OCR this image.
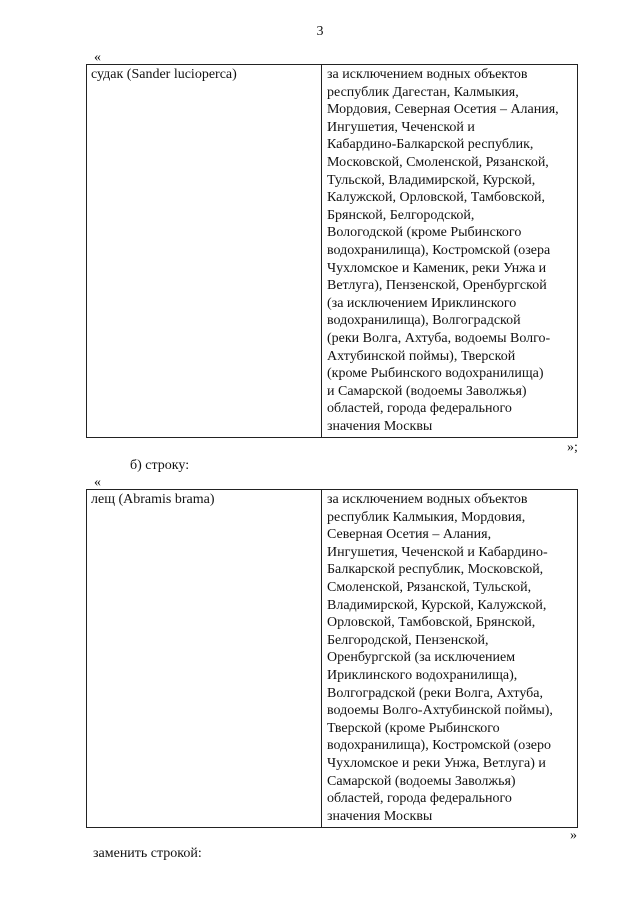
3
«
судак (Sander lucioperca)	за исключением водных объектов
республик Дагестан, Калмыкия,
Мордовия, Северная Осетия – Алания,
Ингушетия, Чеченской и
Кабардино-Балкарской республик,
Московской, Смоленской, Рязанской,
Тульской, Владимирской, Курской,
Калужской, Орловской, Тамбовской,
Брянской, Белгородской,
Вологодской (кроме Рыбинского
водохранилища), Костромской (озера
Чухломское и Каменик, реки Унжа и
Ветлуга), Пензенской, Оренбургской
(за исключением Ириклинского
водохранилища), Волгоградской
(реки Волга, Ахтуба, водоемы Волго-
Ахтубинской поймы), Тверской
(кроме Рыбинского водохранилища)
и Самарской (водоемы Заволжья)
областей, города федерального
значения Москвы
»;
б) строку:
«
лещ (Abramis brama)	за исключением водных объектов
республик Калмыкия, Мордовия,
Северная Осетия – Алания,
Ингушетия, Чеченской и Кабардино-
Балкарской республик, Московской,
Смоленской, Рязанской, Тульской,
Владимирской, Курской, Калужской,
Орловской, Тамбовской, Брянской,
Белгородской, Пензенской,
Оренбургской (за исключением
Ириклинского водохранилища),
Волгоградской (реки Волга, Ахтуба,
водоемы Волго-Ахтубинской поймы),
Тверской (кроме Рыбинского
водохранилища), Костромской (озеро
Чухломское и реки Унжа, Ветлуга) и
Самарской (водоемы Заволжья)
областей, города федерального
значения Москвы
»
заменить строкой:
